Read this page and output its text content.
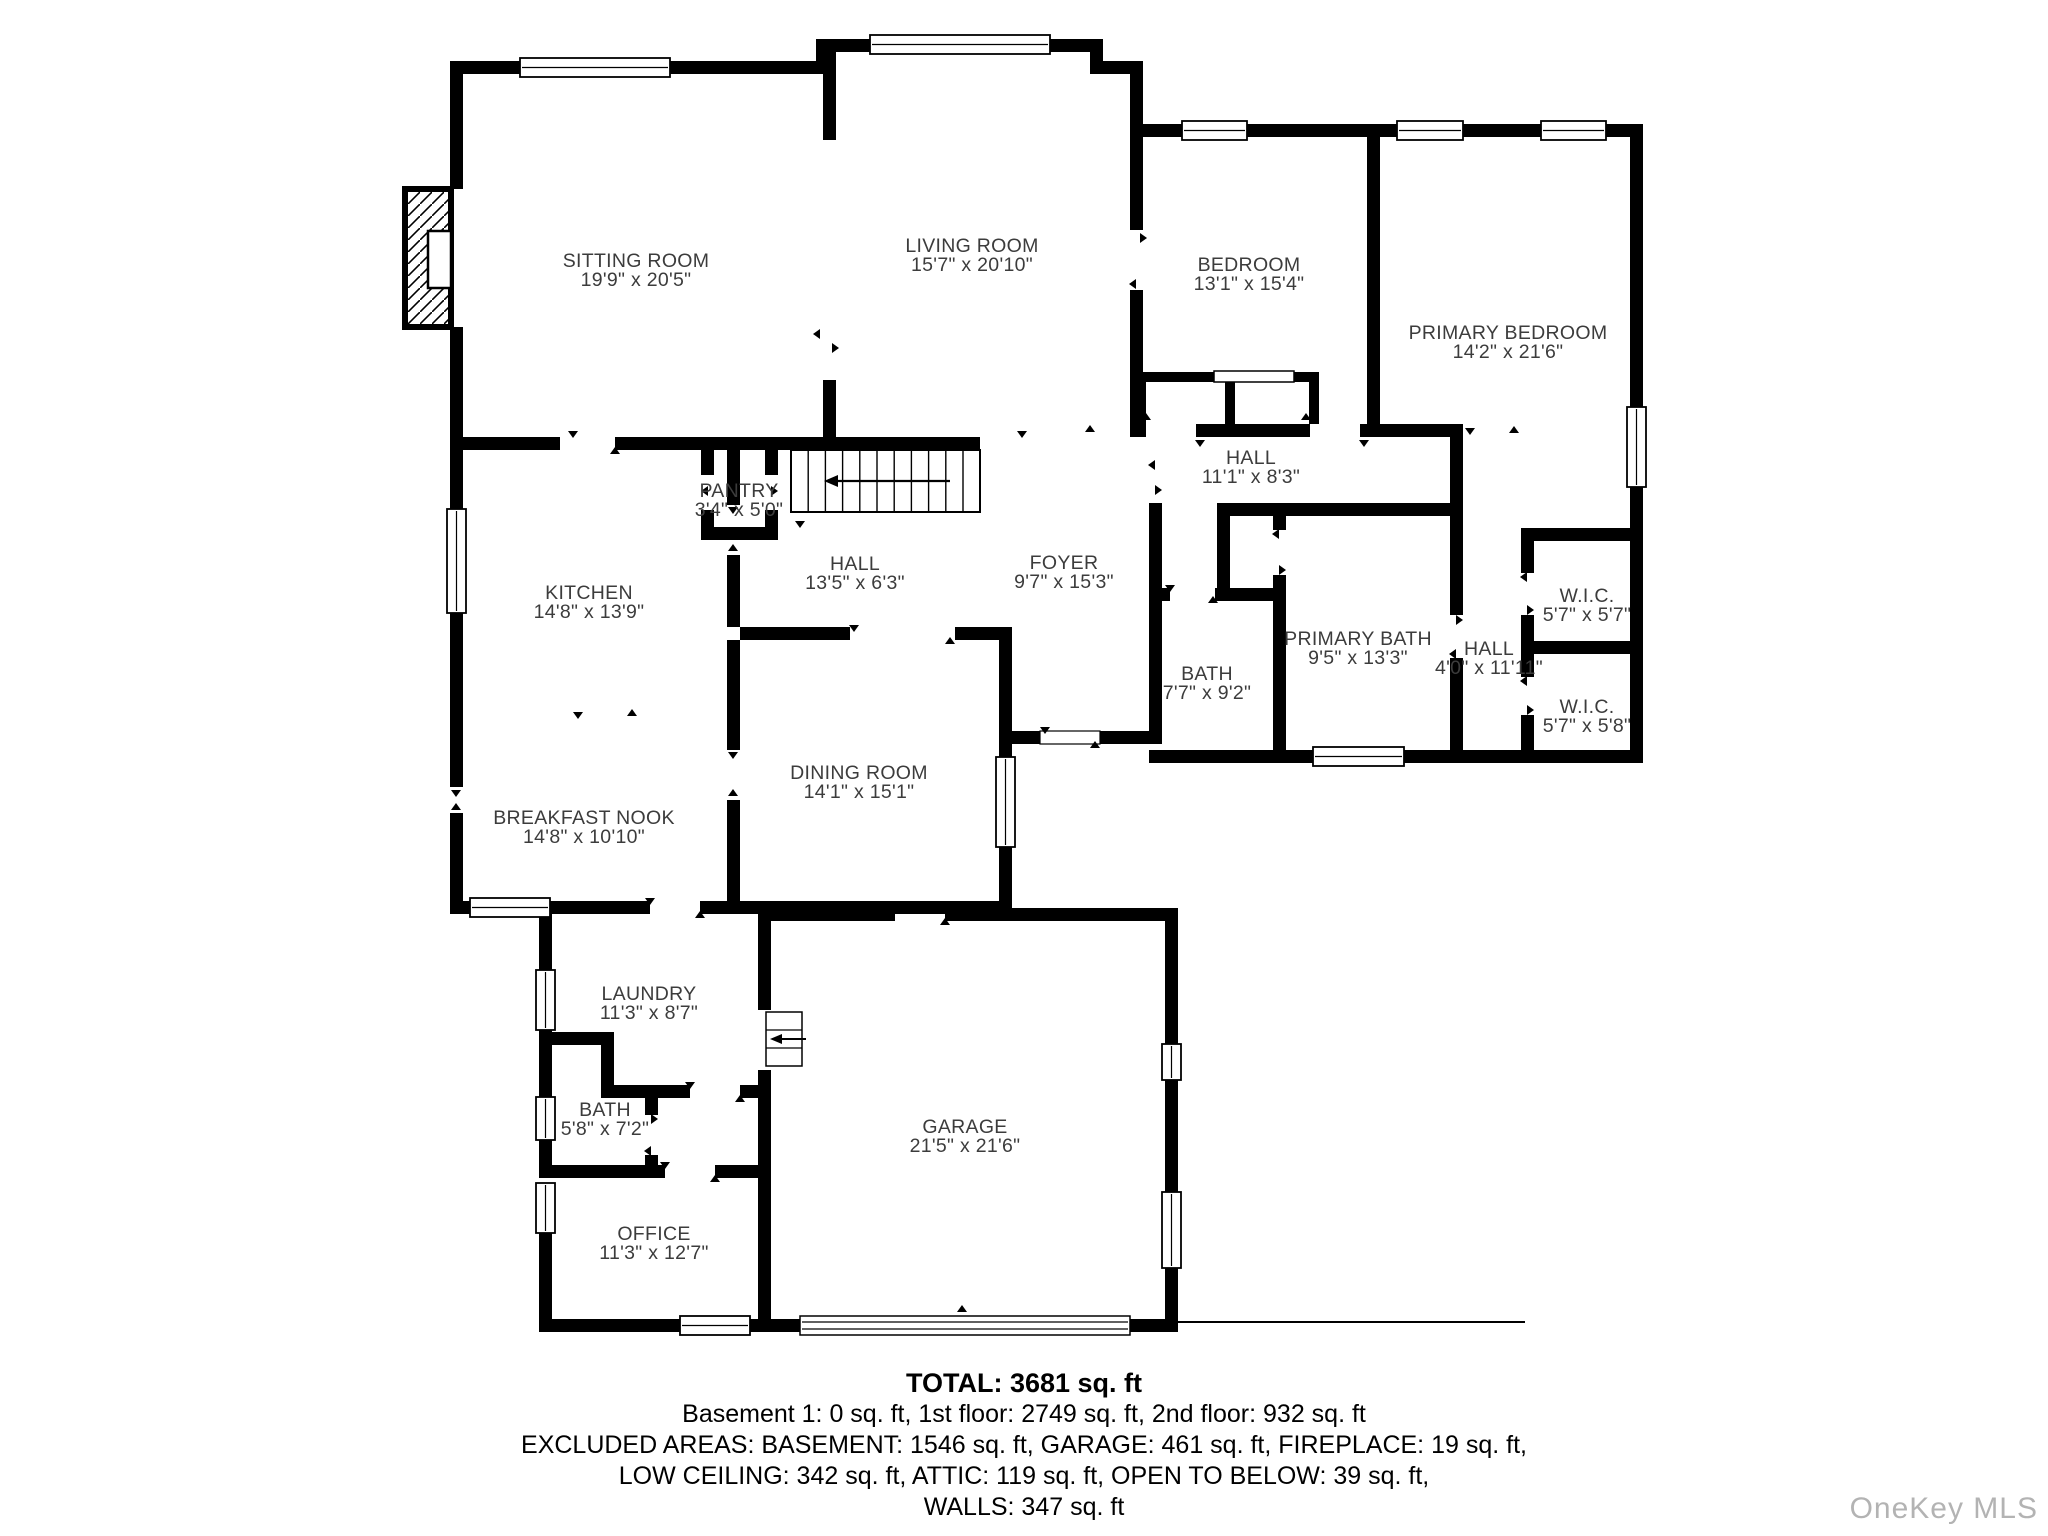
SITTING ROOM
19'9" x 20'5"
LIVING ROOM
15'7" x 20'10"	BEDROOM
13'1" x 15'4"
PRIMARY BEDROOM
14'2" x 21'6"
HALL
11'1" x 8'3"
PANTRY
3'4" x 5'0"
HALL
13'5" x 6'3"
FOYER
9'7" x 15'3"
KITCHEN
14'8" x 13'9"
BATH
7'7" x 9'2"
PRIMARY BATH
9'5" x 13'3"	HALL
4'0" x 11'11"
W.I.C.
5'7" x 5'7"
W.I.C.
5'7" x 5'8"
DINING ROOM
14'1" x 15'1"
BREAKFAST NOOK
14'8" x 10'10"
LAUNDRY
11'3" x 8'7"
BATH
5'8" x 7'2"
OFFICE
11'3" x 12'7"
GARAGE
21'5" x 21'6"

TOTAL: 3681 sq. ft

Basement 1: 0 sq. ft, 1st floor: 2749 sq. ft, 2nd floor: 932 sq. ft

EXCLUDED AREAS: BASEMENT: 1546 sq. ft, GARAGE: 461 sq. ft, FIREPLACE: 19 sq. ft,

LOW CEILING: 342 sq. ft, ATTIC: 119 sq. ft, OPEN TO BELOW: 39 sq. ft,

WALLS: 347 sq. ft	OneKey MLS
